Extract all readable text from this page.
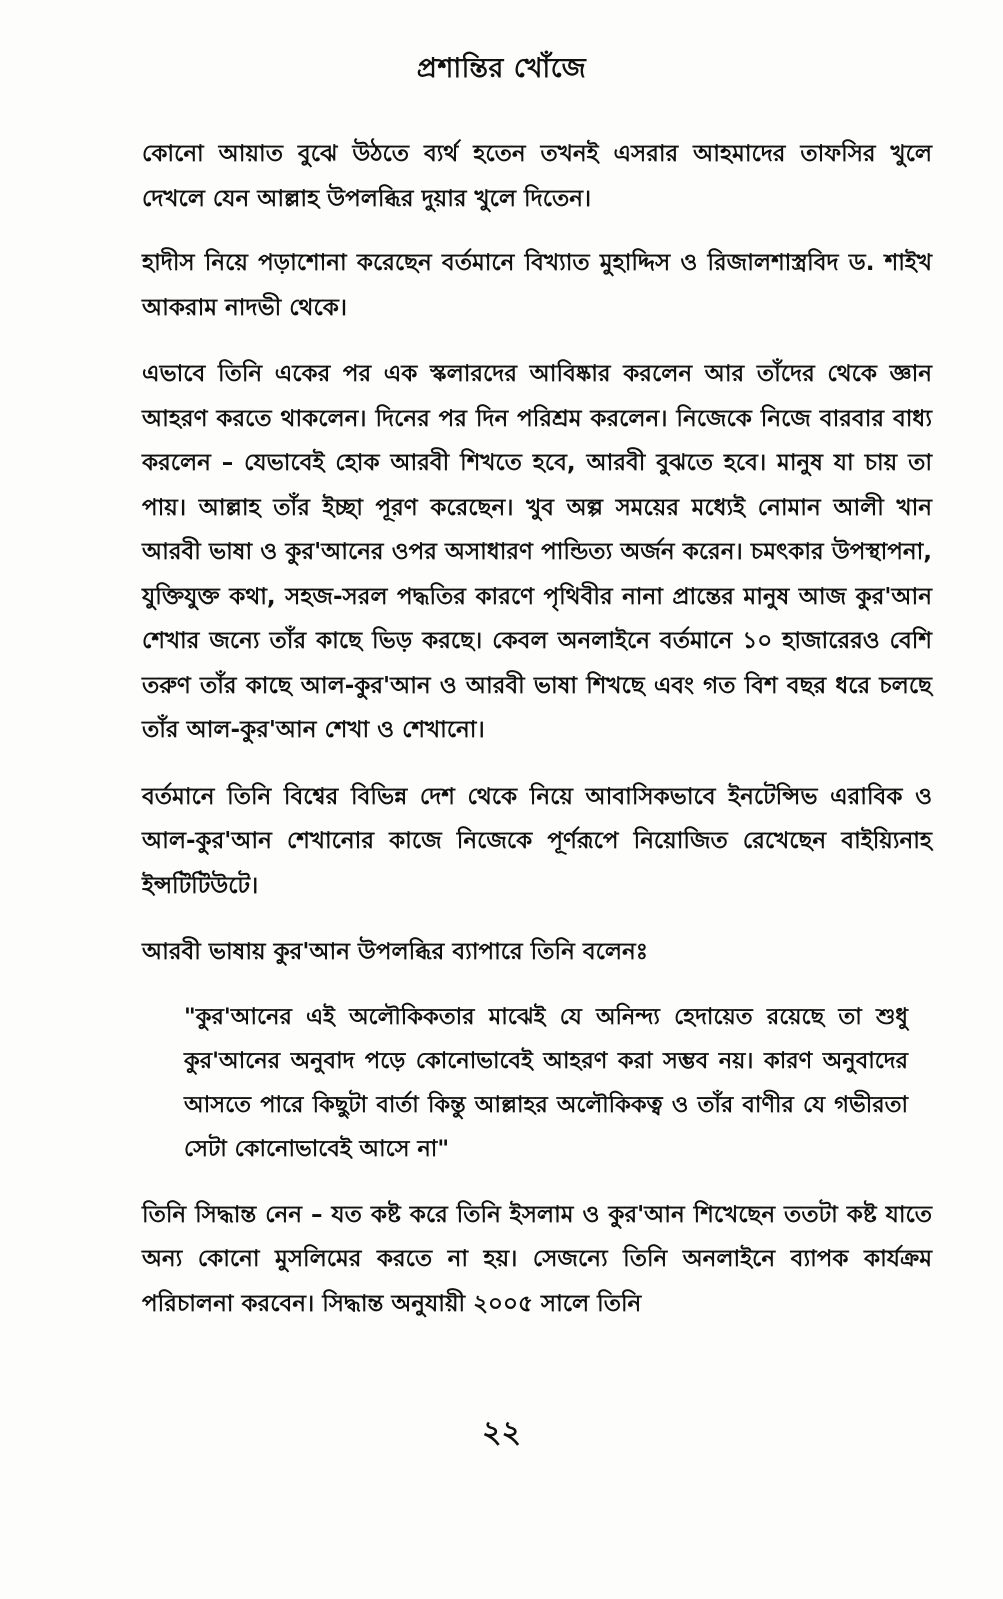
প্রশান্তির খোঁজে

কোনো আয়াত বুঝে উঠতে ব্যর্থ হতেন তখনই এসরার আহমাদের তাফসির খুলে দেখলে যেন আল্লাহ উপলব্ধির দুয়ার খুলে দিতেন।

হাদীস নিয়ে পড়াশোনা করেছেন বর্তমানে বিখ্যাত মুহাদ্দিস ও রিজালশাস্ত্রবিদ ড. শাইখ আকরাম নাদভী থেকে।

এভাবে তিনি একের পর এক স্কলারদের আবিষ্কার করলেন আর তাঁদের থেকে জ্ঞান আহরণ করতে থাকলেন। দিনের পর দিন পরিশ্রম করলেন। নিজেকে নিজে বারবার বাধ্য করলেন – যেভাবেই হোক আরবী শিখতে হবে, আরবী বুঝতে হবে। মানুষ যা চায় তা পায়। আল্লাহ তাঁর ইচ্ছা পূরণ করেছেন। খুব অল্প সময়ের মধ্যেই নোমান আলী খান আরবী ভাষা ও কুর'আনের ওপর অসাধারণ পান্ডিত্য অর্জন করেন। চমৎকার উপস্থাপনা, যুক্তিযুক্ত কথা, সহজ-সরল পদ্ধতির কারণে পৃথিবীর নানা প্রান্তের মানুষ আজ কুর'আন শেখার জন্যে তাঁর কাছে ভিড় করছে। কেবল অনলাইনে বর্তমানে ১০ হাজারেরও বেশি তরুণ তাঁর কাছে আল-কুর'আন ও আরবী ভাষা শিখছে এবং গত বিশ বছর ধরে চলছে তাঁর আল-কুর'আন শেখা ও শেখানো।

বর্তমানে তিনি বিশ্বের বিভিন্ন দেশ থেকে নিয়ে আবাসিকভাবে ইনটেন্সিভ এরাবিক ও আল-কুর'আন শেখানোর কাজে নিজেকে পূর্ণরূপে নিয়োজিত রেখেছেন বাইয়্যিনাহ ইন্সটিটিউটে।

আরবী ভাষায় কুর'আন উপলব্ধির ব্যাপারে তিনি বলেনঃ

"কুর'আনের এই অলৌকিকতার মাঝেই যে অনিন্দ্য হেদায়েত রয়েছে তা শুধু কুর'আনের অনুবাদ পড়ে কোনোভাবেই আহরণ করা সম্ভব নয়। কারণ অনুবাদের আসতে পারে কিছুটা বার্তা কিন্তু আল্লাহর অলৌকিকত্ব ও তাঁর বাণীর যে গভীরতা সেটা কোনোভাবেই আসে না"

তিনি সিদ্ধান্ত নেন – যত কষ্ট করে তিনি ইসলাম ও কুর'আন শিখেছেন ততটা কষ্ট যাতে অন্য কোনো মুসলিমের করতে না হয়। সেজন্যে তিনি অনলাইনে ব্যাপক কার্যক্রম পরিচালনা করবেন। সিদ্ধান্ত অনুযায়ী ২০০৫ সালে তিনি

২২
